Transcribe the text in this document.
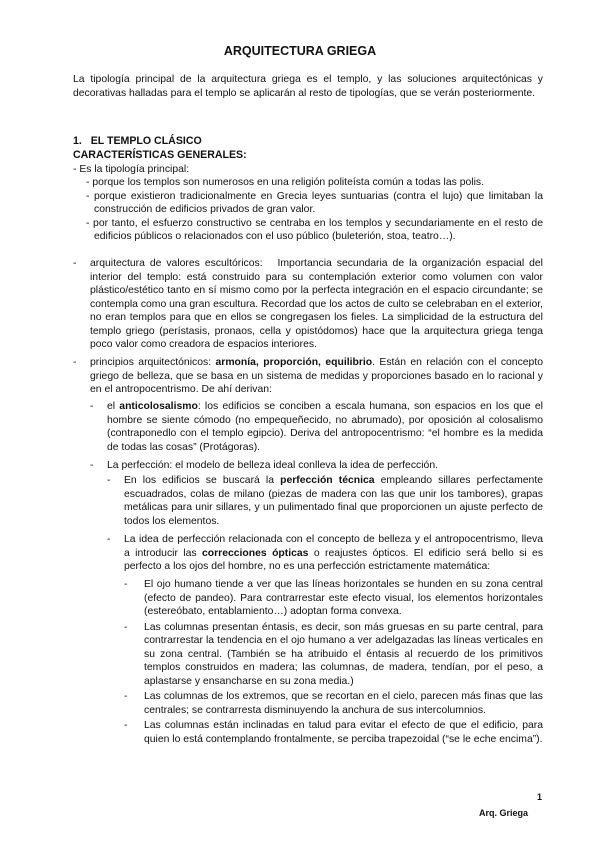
ARQUITECTURA GRIEGA

La tipología principal de la arquitectura griega es el templo, y las soluciones arquitectónicas y decorativas halladas para el templo se aplicarán al resto de tipologías, que se verán posteriormente.

1. EL TEMPLO CLÁSICO
CARACTERÍSTICAS GENERALES:
- Es la tipología principal:

- porque los templos son numerosos en una religión politeísta común a todas las polis.

- porque existieron tradicionalmente en Grecia leyes suntuarias (contra el lujo) que limitaban la construcción de edificios privados de gran valor.

- por tanto, el esfuerzo constructivo se centraba en los templos y secundariamente en el resto de edificios públicos o relacionados con el uso público (buleterión, stoa, teatro…).

-	arquitectura de valores escultóricos: Importancia secundaria de la organización espacial del interior del templo: está construido para su contemplación exterior como volumen con valor plástico/estético tanto en sí mismo como por la perfecta integración en el espacio circundante; se contempla como una gran escultura. Recordad que los actos de culto se celebraban en el exterior, no eran templos para que en ellos se congregasen los fieles. La simplicidad de la estructura del templo griego (perístasis, pronaos, cella y opistódomos) hace que la arquitectura griega tenga poco valor como creadora de espacios interiores.
-	principios arquitectónicos: armonía, proporción, equilibrio. Están en relación con el concepto griego de belleza, que se basa en un sistema de medidas y proporciones basado en lo racional y en el antropocentrismo. De ahí derivan:
-	el anticolosalismo: los edificios se conciben a escala humana, son espacios en los que el hombre se siente cómodo (no empequeñecido, no abrumado), por oposición al colosalismo (contraponedlo con el templo egipcio). Deriva del antropocentrismo: “el hombre es la medida de todas las cosas” (Protágoras).
-	La perfección: el modelo de belleza ideal conlleva la idea de perfección.
-	En los edificios se buscará la perfección técnica empleando sillares perfectamente escuadrados, colas de milano (piezas de madera con las que unir los tambores), grapas metálicas para unir sillares, y un pulimentado final que proporcionen un ajuste perfecto de todos los elementos.
-	La idea de perfección relacionada con el concepto de belleza y el antropocentrismo, lleva a introducir las correcciones ópticas o reajustes ópticos. El edificio será bello si es perfecto a los ojos del hombre, no es una perfección estrictamente matemática:
-	El ojo humano tiende a ver que las líneas horizontales se hunden en su zona central (efecto de pandeo). Para contrarrestar este efecto visual, los elementos horizontales (estereóbato, entablamiento…) adoptan forma convexa.
-	Las columnas presentan éntasis, es decir, son más gruesas en su parte central, para contrarrestar la tendencia en el ojo humano a ver adelgazadas las líneas verticales en su zona central. (También se ha atribuido el éntasis al recuerdo de los primitivos templos construidos en madera; las columnas, de madera, tendían, por el peso, a aplastarse y ensancharse en su zona media.)
-	Las columnas de los extremos, que se recortan en el cielo, parecen más finas que las centrales; se contrarresta disminuyendo la anchura de sus intercolumnios.
-	Las columnas están inclinadas en talud para evitar el efecto de que el edificio, para quien lo está contemplando frontalmente, se perciba trapezoidal (“se le eche encima”).
1
Arq. Griega
